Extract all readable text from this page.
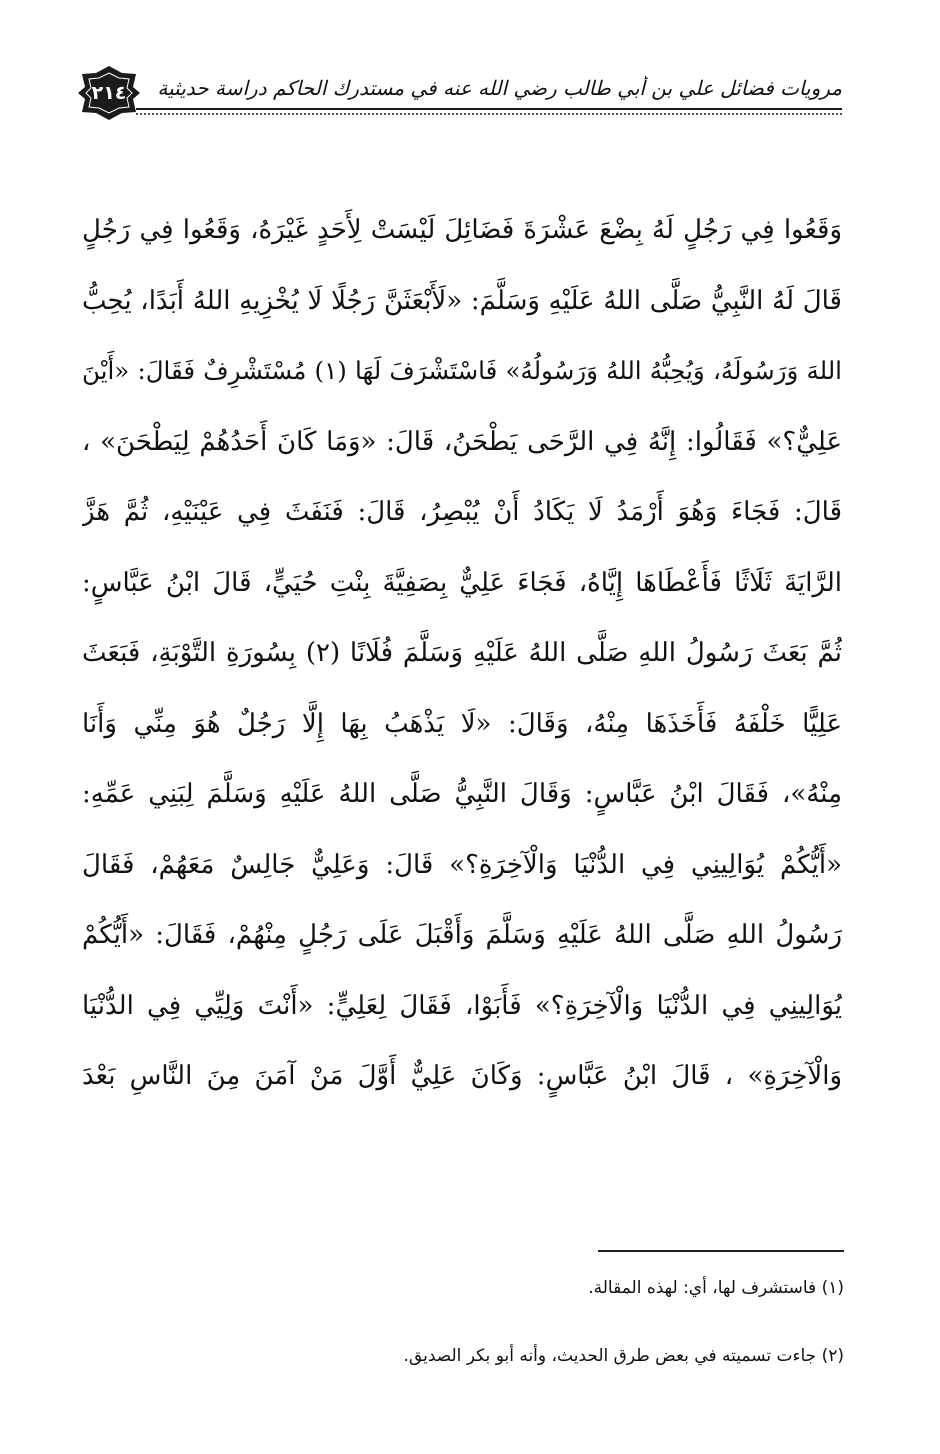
٢١٤	مرويات فضائل علي بن أبي طالب رضي الله عنه في مستدرك الحاكم دراسة حديثية
وَقَعُوا فِي رَجُلٍ لَهُ بِضْعَ عَشْرَةَ فَضَائِلَ لَيْسَتْ لِأَحَدٍ غَيْرَهُ، وَقَعُوا فِي رَجُلٍ
قَالَ لَهُ النَّبِيُّ صَلَّى اللهُ عَلَيْهِ وَسَلَّمَ: «لَأَبْعَثَنَّ رَجُلًا لَا يُخْزِيهِ اللهُ أَبَدًا، يُحِبُّ
اللهَ وَرَسُولَهُ، وَيُحِبُّهُ اللهُ وَرَسُولُهُ» فَاسْتَشْرَفَ لَهَا (١) مُسْتَشْرِفٌ فَقَالَ: «أَيْنَ
عَلِيٌّ؟» فَقَالُوا: إِنَّهُ فِي الرَّحَى يَطْحَنُ، قَالَ: «وَمَا كَانَ أَحَدُهُمْ لِيَطْحَنَ» ،
قَالَ: فَجَاءَ وَهُوَ أَرْمَدُ لَا يَكَادُ أَنْ يُبْصِرُ، قَالَ: فَنَفَثَ فِي عَيْنَيْهِ، ثُمَّ هَزَّ
الرَّايَةَ ثَلَاثًا فَأَعْطَاهَا إِيَّاهُ، فَجَاءَ عَلِيٌّ بِصَفِيَّةَ بِنْتِ حُيَيٍّ، قَالَ ابْنُ عَبَّاسٍ:
ثُمَّ بَعَثَ رَسُولُ اللهِ صَلَّى اللهُ عَلَيْهِ وَسَلَّمَ فُلَانًا (٢) بِسُورَةِ التَّوْبَةِ، فَبَعَثَ
عَلِيًّا خَلْفَهُ فَأَخَذَهَا مِنْهُ، وَقَالَ: «لَا يَذْهَبُ بِهَا إِلَّا رَجُلٌ هُوَ مِنِّي وَأَنَا
مِنْهُ»، فَقَالَ ابْنُ عَبَّاسٍ: وَقَالَ النَّبِيُّ صَلَّى اللهُ عَلَيْهِ وَسَلَّمَ لِبَنِي عَمِّهِ:
«أَيُّكُمْ يُوَالِينِي فِي الدُّنْيَا وَالْآخِرَةِ؟» قَالَ: وَعَلِيٌّ جَالِسٌ مَعَهُمْ، فَقَالَ
رَسُولُ اللهِ صَلَّى اللهُ عَلَيْهِ وَسَلَّمَ وَأَقْبَلَ عَلَى رَجُلٍ مِنْهُمْ، فَقَالَ: «أَيُّكُمْ
يُوَالِينِي فِي الدُّنْيَا وَالْآخِرَةِ؟» فَأَبَوْا، فَقَالَ لِعَلِيٍّ: «أَنْتَ وَلِيِّي فِي الدُّنْيَا
وَالْآخِرَةِ» ، قَالَ ابْنُ عَبَّاسٍ: وَكَانَ عَلِيٌّ أَوَّلَ مَنْ آمَنَ مِنَ النَّاسِ بَعْدَ
(١) فاستشرف لها، أي: لهذه المقالة.
(٢) جاءت تسميته في بعض طرق الحديث، وأنه أبو بكر الصديق.
